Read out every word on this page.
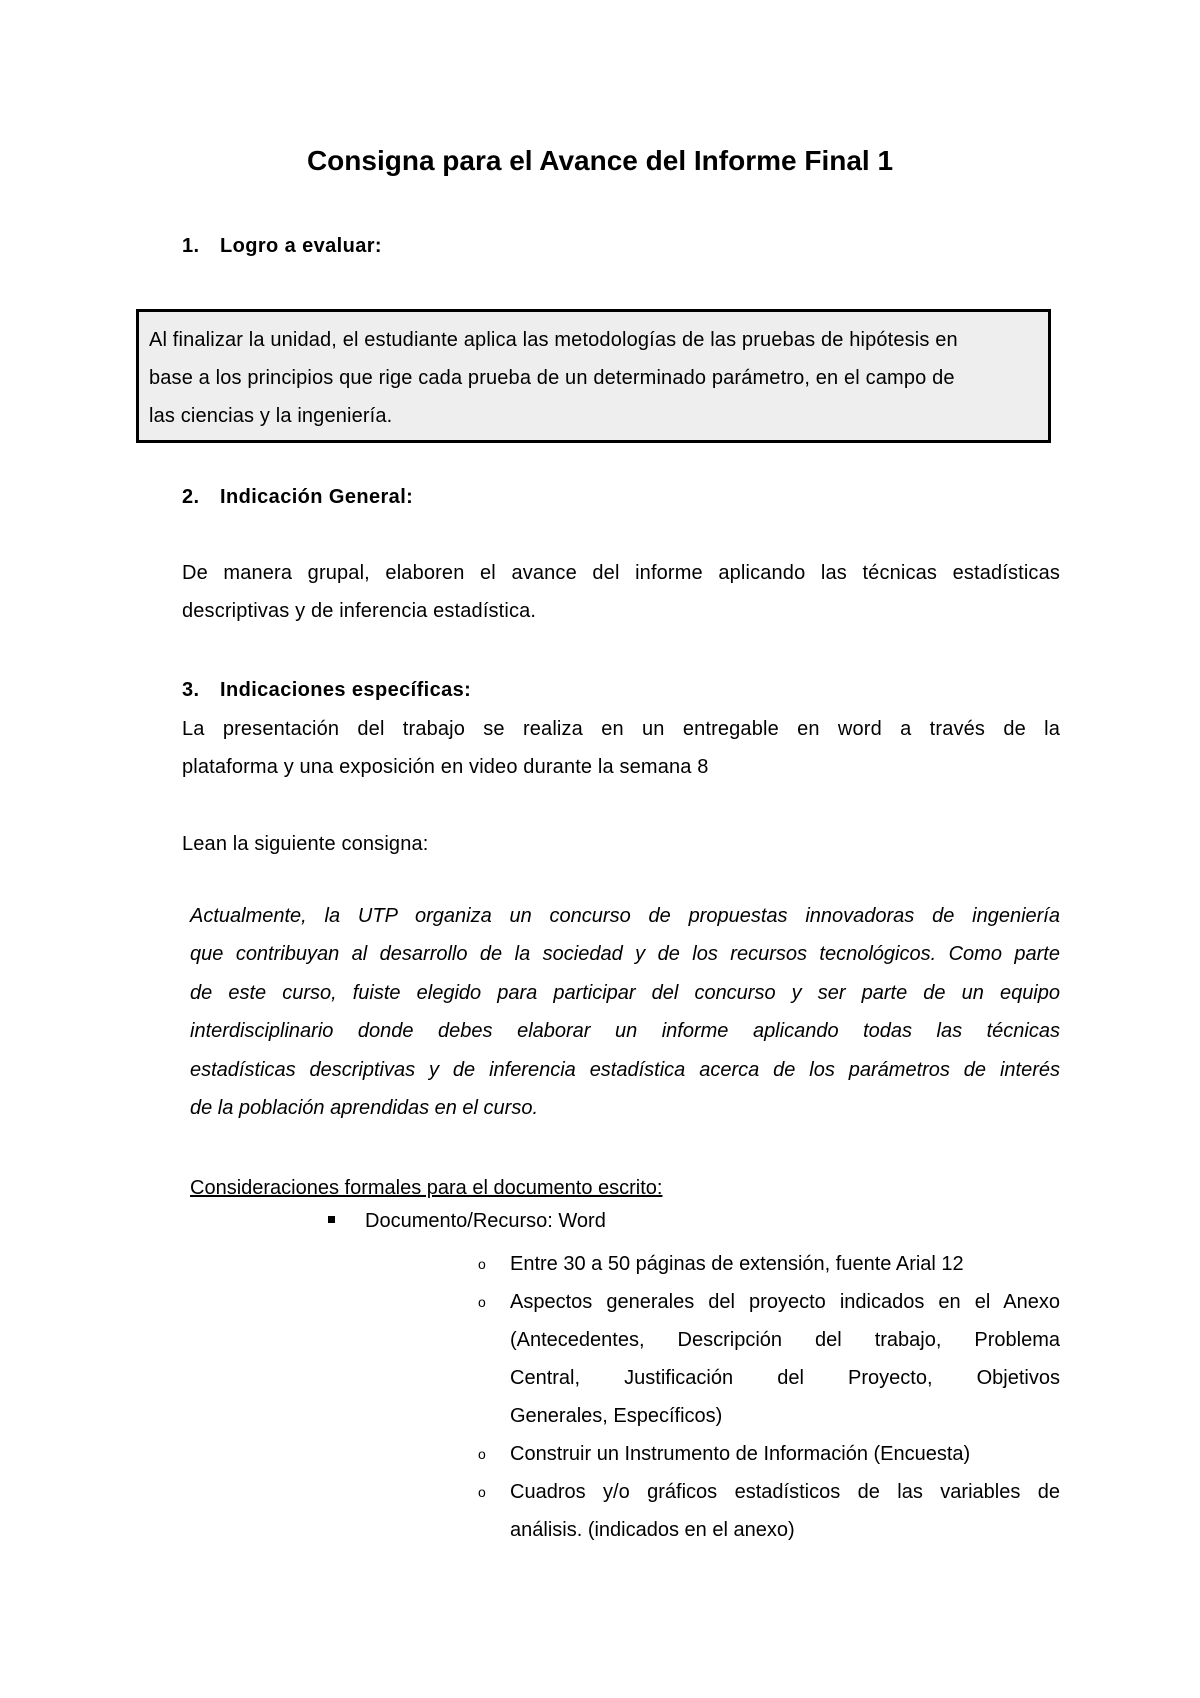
Consigna para el Avance del Informe Final 1
1. Logro a evaluar:
Al finalizar la unidad, el estudiante aplica las metodologías de las pruebas de hipótesis en
base a los principios que rige cada prueba de un determinado parámetro, en el campo de
las ciencias y la ingeniería.
2. Indicación General:
De manera grupal, elaboren el avance del informe aplicando las técnicas estadísticas
descriptivas y de inferencia estadística.
3. Indicaciones específicas:
La presentación del trabajo se realiza en un entregable en word a través de la
plataforma y una exposición en video durante la semana 8
Lean la siguiente consigna:
Actualmente, la UTP organiza un concurso de propuestas innovadoras de ingeniería
que contribuyan al desarrollo de la sociedad y de los recursos tecnológicos. Como parte
de este curso, fuiste elegido para participar del concurso y ser parte de un equipo
interdisciplinario donde debes elaborar un informe aplicando todas las técnicas
estadísticas descriptivas y de inferencia estadística acerca de los parámetros de interés
de la población aprendidas en el curso.
Consideraciones formales para el documento escrito:
Documento/Recurso: Word
o Entre 30 a 50 páginas de extensión, fuente Arial 12
o Aspectos generales del proyecto indicados en el Anexo
(Antecedentes, Descripción del trabajo, Problema
Central, Justificación del Proyecto, Objetivos
Generales, Específicos)
o Construir un Instrumento de Información (Encuesta)
o Cuadros y/o gráficos estadísticos de las variables de
análisis. (indicados en el anexo)
